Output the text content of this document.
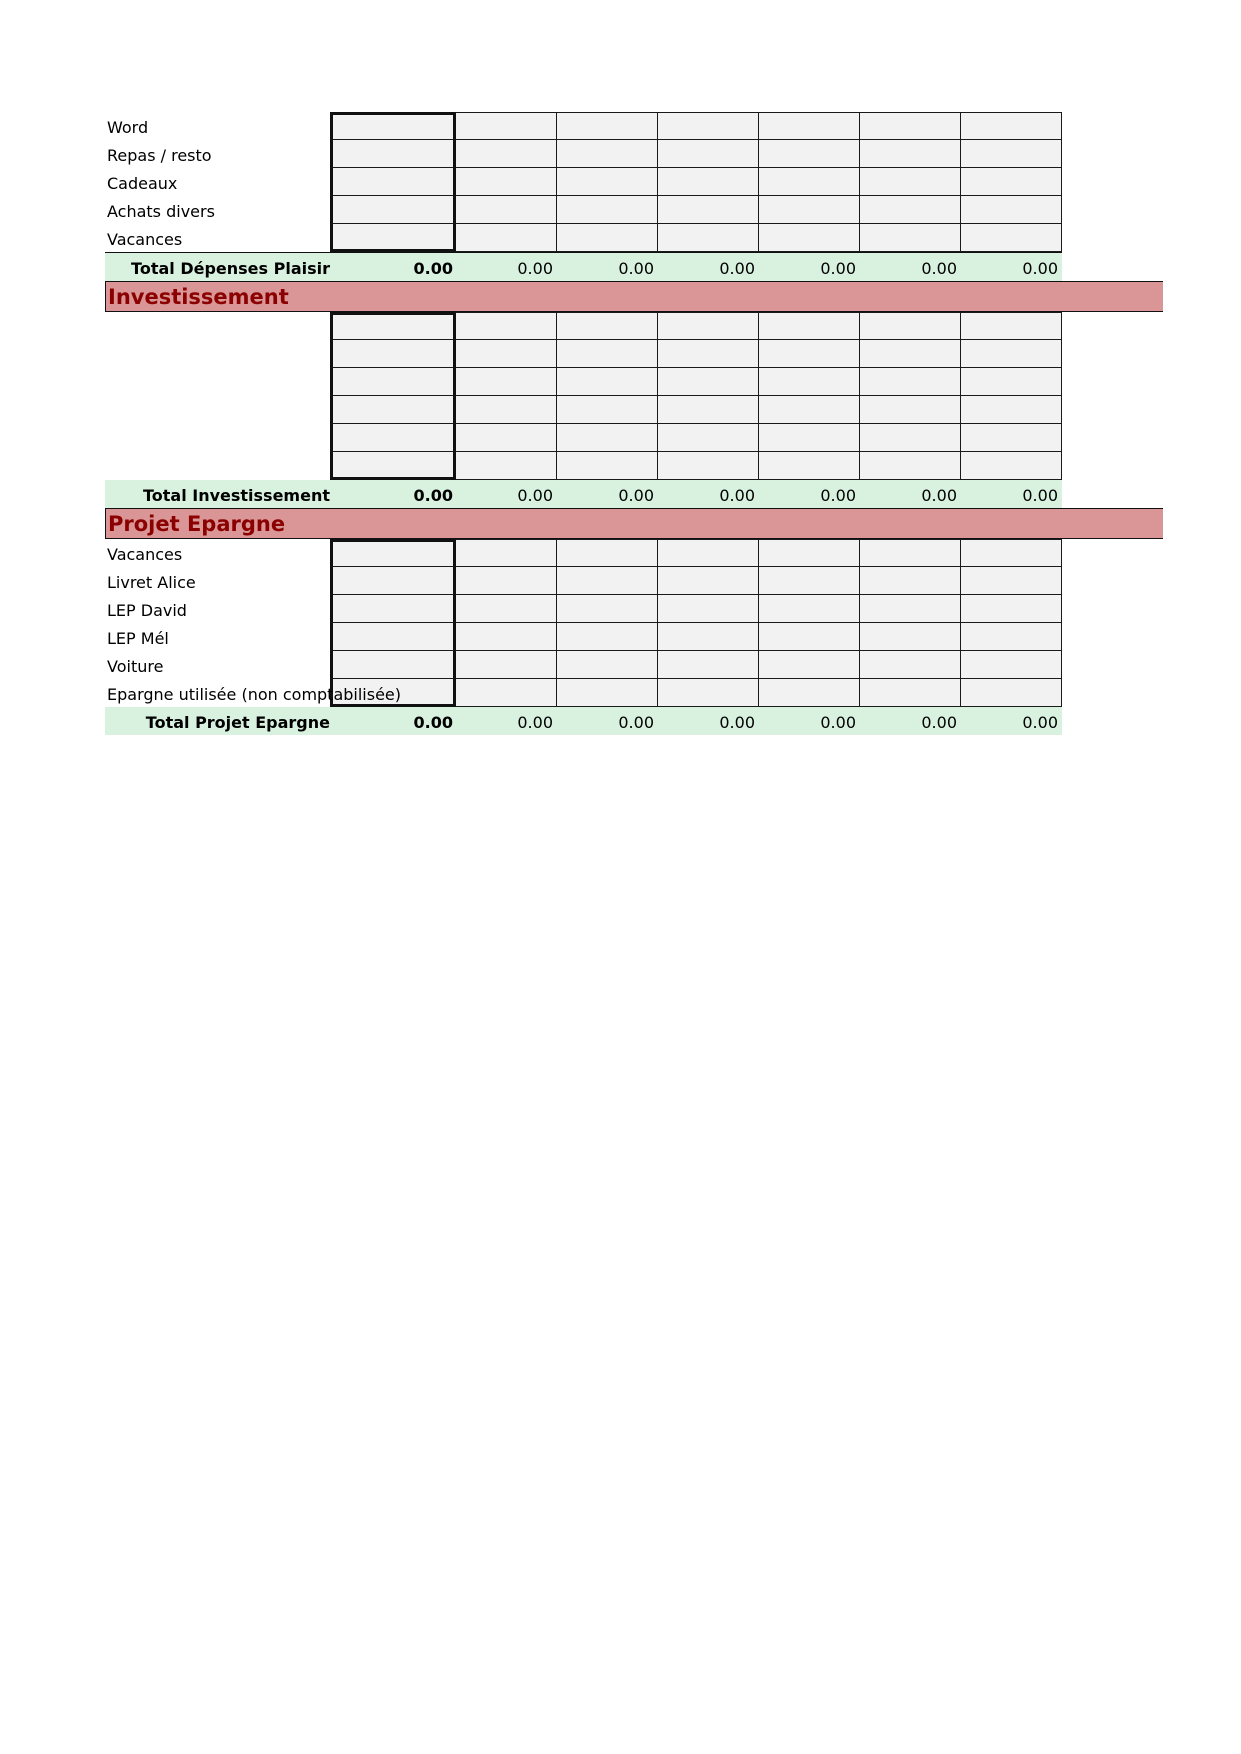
Word
Repas / resto
Cadeaux
Achats divers
Vacances
Total Dépenses Plaisir	0.00	0.00	0.00	0.00	0.00	0.00	0.00
Investissement
Total Investissement	0.00	0.00	0.00	0.00	0.00	0.00	0.00
Projet Epargne
Vacances
Livret Alice
LEP David
LEP Mél
Voiture
Epargne utilisée (non comptabilisée)
Total Projet Epargne	0.00	0.00	0.00	0.00	0.00	0.00	0.00
